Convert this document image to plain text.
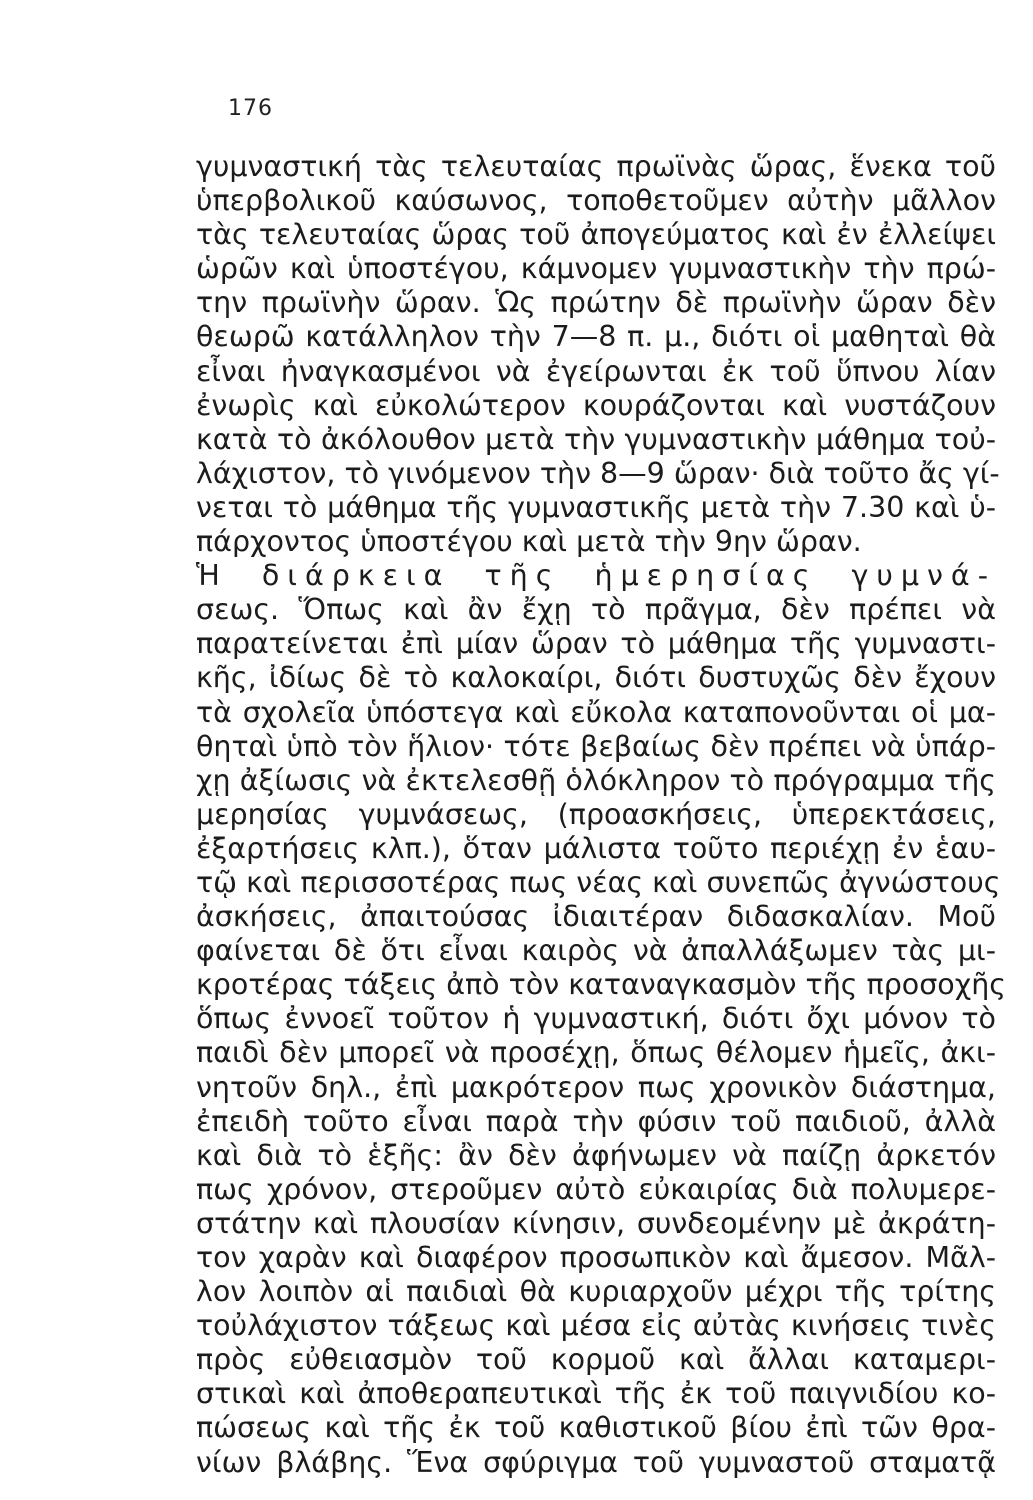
176
γυμναστική τὰς τελευταίας πρωϊνὰς ὥρας, ἕνεκα τοῦ
ὑπερβολικοῦ καύσωνος, τοποθετοῦμεν αὐτὴν μᾶλλον
τὰς τελευταίας ὥρας τοῦ ἀπογεύματος καὶ ἐν ἐλλείψει
ὡρῶν καὶ ὑποστέγου, κάμνομεν γυμναστικὴν τὴν πρώ-
την πρωϊνὴν ὥραν. Ὡς πρώτην δὲ πρωϊνὴν ὥραν δὲν
θεωρῶ κατάλληλον τὴν 7—8 π. μ., διότι οἱ μαθηταὶ θὰ
εἶναι ἠναγκασμένοι νὰ ἐγείρωνται ἐκ τοῦ ὕπνου λίαν
ἐνωρὶς καὶ εὐκολώτερον κουράζονται καὶ νυστάζουν
κατὰ τὸ ἀκόλουθον μετὰ τὴν γυμναστικὴν μάθημα τοὐ-
λάχιστον, τὸ γινόμενον τὴν 8—9 ὥραν· διὰ τοῦτο ἄς γί-
νεται τὸ μάθημα τῆς γυμναστικῆς μετὰ τὴν 7.30 καὶ ὑ-
πάρχοντος ὑποστέγου καὶ μετὰ τὴν 9ην ὥραν.
Ἡ διάρκεια τῆς ἡμερησίας γυμνά-
σεως. Ὅπως καὶ ἂν ἔχῃ τὸ πρᾶγμα, δὲν πρέπει νὰ
παρατείνεται ἐπὶ μίαν ὥραν τὸ μάθημα τῆς γυμναστι-
κῆς, ἰδίως δὲ τὸ καλοκαίρι, διότι δυστυχῶς δὲν ἔχουν
τὰ σχολεῖα ὑπόστεγα καὶ εὔκολα καταπονοῦνται οἱ μα-
θηταὶ ὑπὸ τὸν ἥλιον· τότε βεβαίως δὲν πρέπει νὰ ὑπάρ-
χῃ ἀξίωσις νὰ ἐκτελεσθῇ ὁλόκληρον τὸ πρόγραμμα τῆς
μερησίας γυμνάσεως, (προασκήσεις, ὑπερεκτάσεις,
ἐξαρτήσεις κλπ.), ὅταν μάλιστα τοῦτο περιέχῃ ἐν ἑαυ-
τῷ καὶ περισσοτέρας πως νέας καὶ συνεπῶς ἀγνώστους
ἀσκήσεις, ἀπαιτούσας ἰδιαιτέραν διδασκαλίαν. Μοῦ
φαίνεται δὲ ὅτι εἶναι καιρὸς νὰ ἀπαλλάξωμεν τὰς μι-
κροτέρας τάξεις ἀπὸ τὸν καταναγκασμὸν τῆς προσοχῆς
ὅπως ἐννοεῖ τοῦτον ἡ γυμναστική, διότι ὄχι μόνον τὸ
παιδὶ δὲν μπορεῖ νὰ προσέχῃ, ὅπως θέλομεν ἡμεῖς, ἀκι-
νητοῦν δηλ., ἐπὶ μακρότερον πως χρονικὸν διάστημα,
ἐπειδὴ τοῦτο εἶναι παρὰ τὴν φύσιν τοῦ παιδιοῦ, ἀλλὰ
καὶ διὰ τὸ ἑξῆς: ἂν δὲν ἀφήνωμεν νὰ παίζῃ ἀρκετόν
πως χρόνον, στεροῦμεν αὐτὸ εὐκαιρίας διὰ πολυμερε-
στάτην καὶ πλουσίαν κίνησιν, συνδεομένην μὲ ἀκράτη-
τον χαρὰν καὶ διαφέρον προσωπικὸν καὶ ἄμεσον. Μᾶλ-
λον λοιπὸν αἱ παιδιαὶ θὰ κυριαρχοῦν μέχρι τῆς τρίτης
τοὐλάχιστον τάξεως καὶ μέσα εἰς αὐτὰς κινήσεις τινὲς
πρὸς εὐθειασμὸν τοῦ κορμοῦ καὶ ἄλλαι καταμερι-
στικαὶ καὶ ἀποθεραπευτικαὶ τῆς ἐκ τοῦ παιγνιδίου κο-
πώσεως καὶ τῆς ἐκ τοῦ καθιστικοῦ βίου ἐπὶ τῶν θρα-
νίων βλάβης. Ἕνα σφύριγμα τοῦ γυμναστοῦ σταματᾷ
